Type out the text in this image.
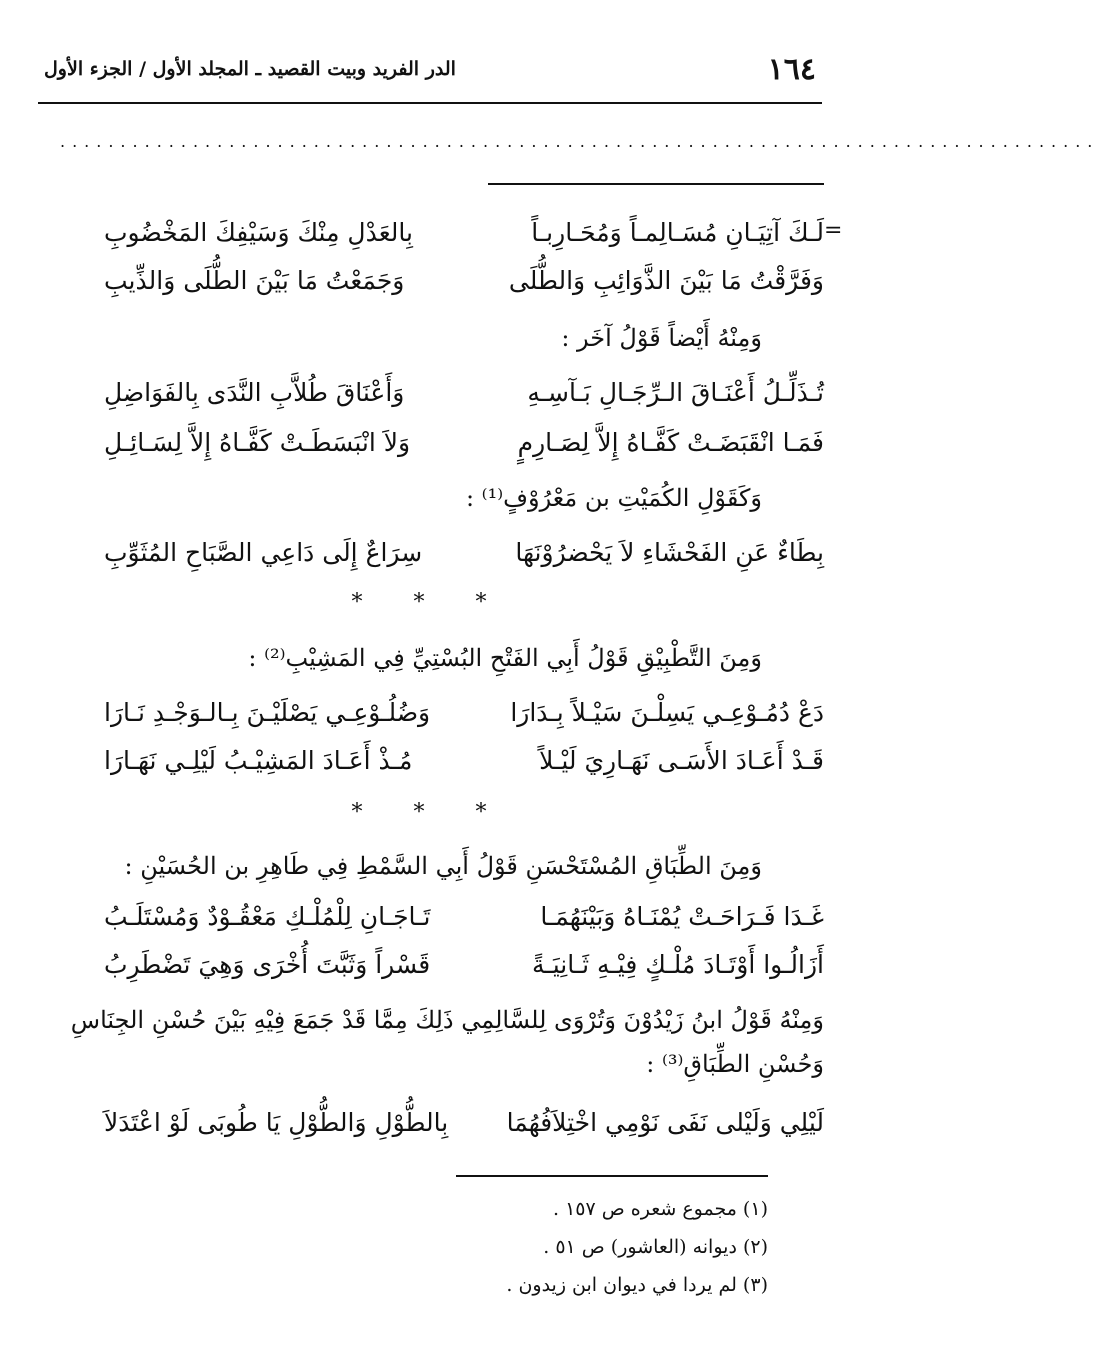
١٦٤
الدر الفريد وبيت القصيد ـ المجلد الأول / الجزء الأول
......................................................................................
=
لَـكَ آتِيَـانِ مُسَـالِمـاً وَمُحَـارِبـاً
بِالعَدْلِ مِنْكَ وَسَيْفِكَ المَخْضُوبِ
وَفَرَّقْتُ مَا بَيْنَ الذَّوَائِبِ وَالطُّلَى
وَجَمَعْتُ مَا بَيْنَ الطُّلَى وَالذِّيبِ
وَمِنْهُ أَيْضاً قَوْلُ آخَر :
تُـذَلِّـلُ أَعْنَـاقَ الـرِّجَـالِ بَـآسِـهِ
وَأَعْنَاقَ طُلاَّبِ النَّدَى بِالفَوَاضِلِ
فَمَـا انْقَبَضَـتْ كَفَّـاهُ إِلاَّ لِصَـارِمٍ
وَلاَ انْبَسَطَـتْ كَفَّـاهُ إِلاَّ لِسَـائِـلِ
وَكَقَوْلِ الكُمَيْتِ بن مَعْرُوْفٍ⁽¹⁾ :
بِطَاءٌ عَنِ الفَحْشَاءِ لاَ يَحْضرُوْنَهَا
سِرَاعٌ إِلَى دَاعِي الصَّبَاحِ المُثَوِّبِ
* * *
وَمِنَ التَّطْبِيْقِ قَوْلُ أَبِي الفَتْحِ البُسْتِيِّ فِي المَشِيْبِ⁽²⁾ :
دَعْ دُمُـوْعِـي يَسِلْـنَ سَيْـلاً بِـدَارَا
وَضُلُـوْعِـي يَصْلَيْـنَ بِـالـوَجْـدِ نَـارَا
قَـدْ أَعَـادَ الأَسَـى نَهَـارِيَ لَيْـلاً
مُـذْ أَعَـادَ المَشِيْـبُ لَيْلِـي نَهَـارَا
* * *
وَمِنَ الطِّبَاقِ المُسْتَحْسَنِ قَوْلُ أَبِي السَّمْطِ فِي طَاهِرِ بن الحُسَيْنِ :
غَـدَا فَـرَاحَـتْ يُمْنَـاهُ وَبَيْنَهُمَـا
تَـاجَـانِ لِلْمُلْـكِ مَعْقُـوْدٌ وَمُسْتَلَـبُ
أَزَالُـوا أَوْتَـادَ مُلْـكٍ فِيْـهِ ثَـانِيَـةً
قَسْراً وَثَبَّتَ أُخْرَى وَهِيَ تَضْطَرِبُ
وَمِنْهُ قَوْلُ ابنُ زَيْدُوْنَ وَتُرْوَى لِلسَّالِمِي ذَلِكَ مِمَّا قَدْ جَمَعَ فِيْهِ بَيْنَ حُسْنِ الجِنَاسِ
وَحُسْنِ الطِّبَاقِ⁽³⁾ :
لَيْلِي وَلَيْلى نَفَى نَوْمِي اخْتِلاَفُهُمَا
بِالطُّوْلِ وَالطُّوْلِ يَا طُوبَى لَوْ اعْتَدَلاَ
(١) مجموع شعره ص ١٥٧ .
(٢) ديوانه (العاشور) ص ٥١ .
(٣) لم يردا في ديوان ابن زيدون .
